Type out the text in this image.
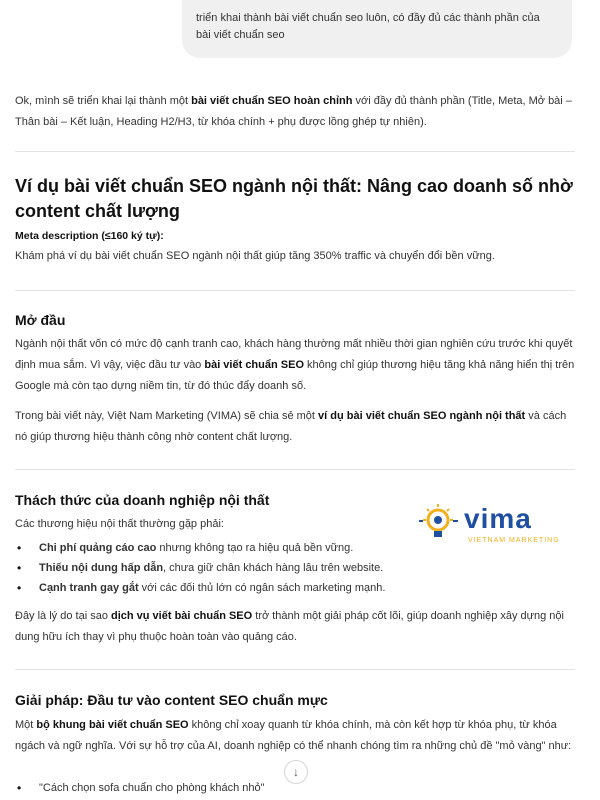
triển khai thành bài viết chuẩn seo luôn, có đầy đủ các thành phần của bài viết chuẩn seo
Ok, mình sẽ triển khai lại thành một bài viết chuẩn SEO hoàn chỉnh với đầy đủ thành phần (Title, Meta, Mở bài – Thân bài – Kết luận, Heading H2/H3, từ khóa chính + phụ được lồng ghép tự nhiên).
Ví dụ bài viết chuẩn SEO ngành nội thất: Nâng cao doanh số nhờ content chất lượng
Meta description (≤160 ký tự):
Khám phá ví dụ bài viết chuẩn SEO ngành nội thất giúp tăng 350% traffic và chuyển đổi bền vững.
Mở đầu
Ngành nội thất vốn có mức độ cạnh tranh cao, khách hàng thường mất nhiều thời gian nghiên cứu trước khi quyết định mua sắm. Vì vậy, việc đầu tư vào bài viết chuẩn SEO không chỉ giúp thương hiệu tăng khả năng hiển thị trên Google mà còn tạo dựng niềm tin, từ đó thúc đẩy doanh số.
Trong bài viết này, Việt Nam Marketing (VIMA) sẽ chia sẻ một ví dụ bài viết chuẩn SEO ngành nội thất và cách nó giúp thương hiệu thành công nhờ content chất lượng.
Thách thức của doanh nghiệp nội thất
Các thương hiệu nội thất thường gặp phải:
• Chi phí quảng cáo cao nhưng không tạo ra hiệu quả bền vững.
• Thiếu nội dung hấp dẫn, chưa giữ chân khách hàng lâu trên website.
• Cạnh tranh gay gắt với các đối thủ lớn có ngân sách marketing mạnh.
Đây là lý do tại sao dịch vụ viết bài chuẩn SEO trở thành một giải pháp cốt lõi, giúp doanh nghiệp xây dựng nội dung hữu ích thay vì phụ thuộc hoàn toàn vào quảng cáo.
Giải pháp: Đầu tư vào content SEO chuẩn mực
Một bộ khung bài viết chuẩn SEO không chỉ xoay quanh từ khóa chính, mà còn kết hợp từ khóa phụ, từ khóa ngách và ngữ nghĩa. Với sự hỗ trợ của AI, doanh nghiệp có thể nhanh chóng tìm ra những chủ đề "mỏ vàng" như:
• "Cách chọn sofa chuẩn cho phòng khách nhỏ"
vima
VIETNAM MARKETING
↓
